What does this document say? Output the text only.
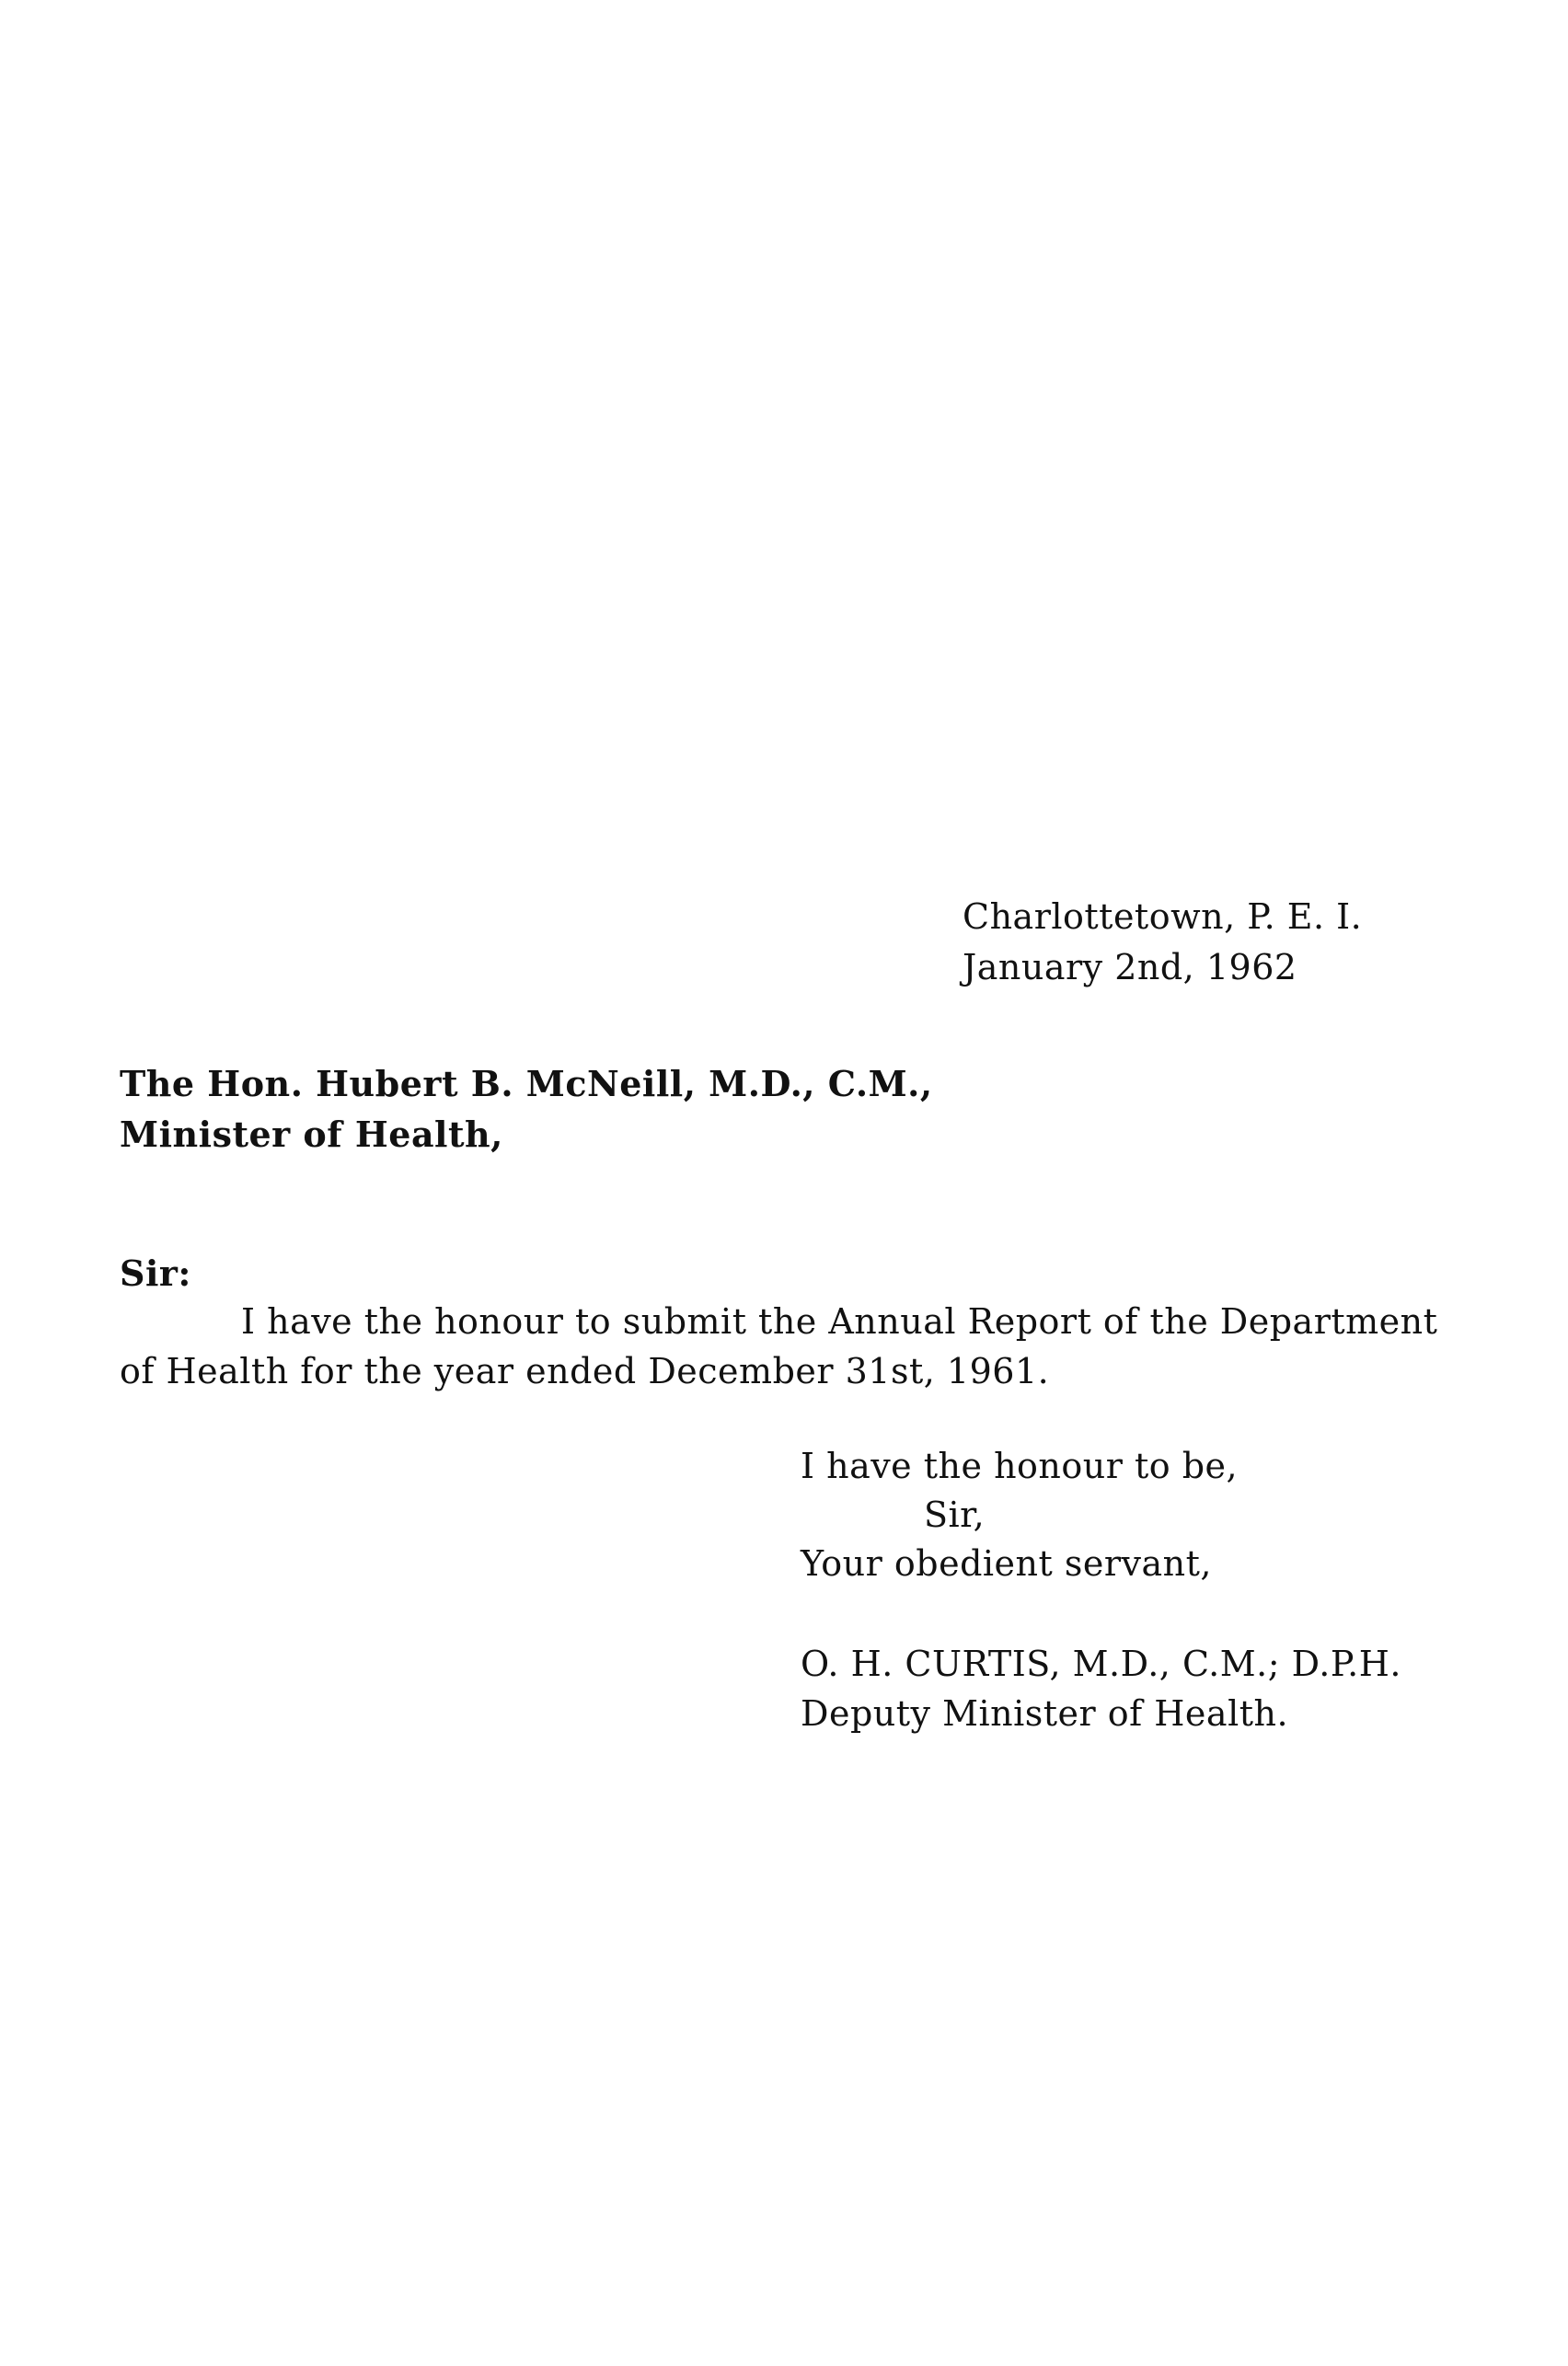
Charlottetown, P. E. I.
January 2nd, 1962
The Hon. Hubert B. McNeill, M.D., C.M.,
Minister of Health,
Sir:
I have the honour to submit the Annual Report of the Department
of Health for the year ended December 31st, 1961.
I have the honour to be,
Sir,
Your obedient servant,
O. H. CURTIS, M.D., C.M.; D.P.H.
Deputy Minister of Health.
